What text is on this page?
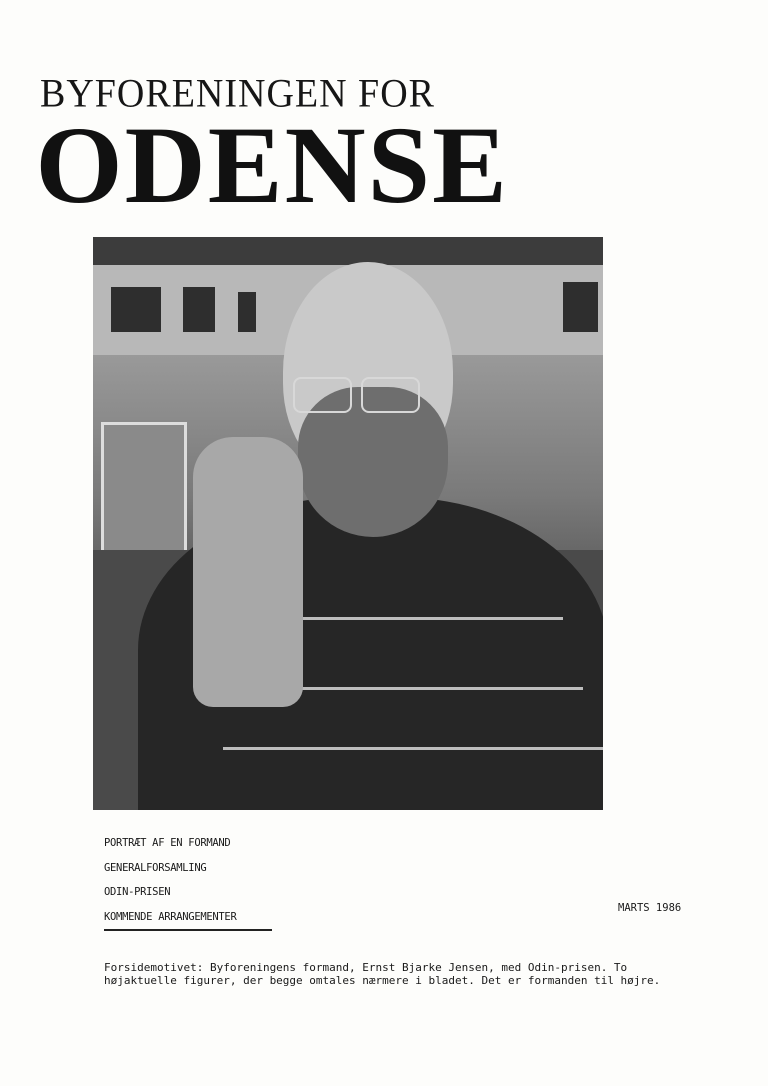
BYFORENINGEN FOR
ODENSE
PORTRÆT AF EN FORMAND
GENERALFORSAMLING
ODIN-PRISEN
KOMMENDE ARRANGEMENTER
MARTS 1986
Forsidemotivet: Byforeningens formand, Ernst Bjarke Jensen, med Odin-prisen. To højaktuelle figurer, der begge omtales nærmere i bladet. Det er formanden til højre.
